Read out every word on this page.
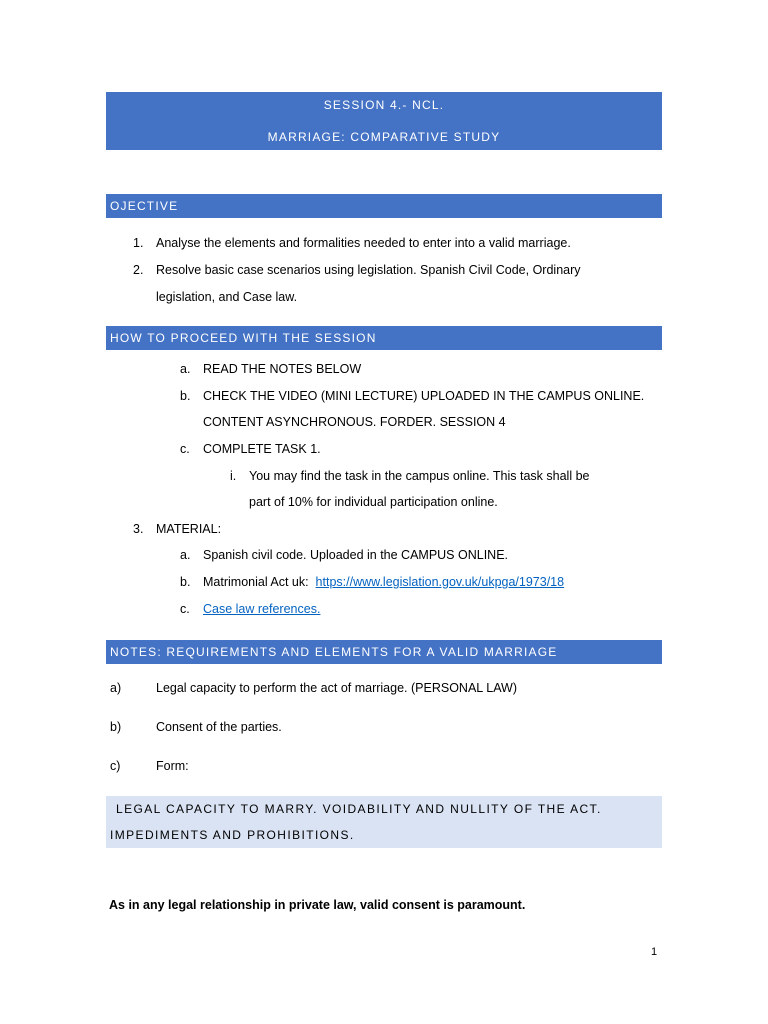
SESSION 4.- NCL.
MARRIAGE: COMPARATIVE STUDY
OJECTIVE
1. Analyse the elements and formalities needed to enter into a valid marriage.
2. Resolve basic case scenarios using legislation. Spanish Civil Code, Ordinary
legislation, and Case law.
HOW TO PROCEED WITH THE SESSION
a. READ THE NOTES BELOW
b. CHECK THE VIDEO (MINI LECTURE) UPLOADED IN THE CAMPUS ONLINE.
CONTENT ASYNCHRONOUS. FORDER. SESSION 4
c. COMPLETE TASK 1.
i. You may find the task in the campus online. This task shall be
part of 10% for individual participation online.
3. MATERIAL:
a. Spanish civil code. Uploaded in the CAMPUS ONLINE.
b. Matrimonial Act uk:  https://www.legislation.gov.uk/ukpga/1973/18
c. Case law references.
NOTES: REQUIREMENTS AND ELEMENTS FOR A VALID MARRIAGE
a)	Legal capacity to perform the act of marriage. (PERSONAL LAW)
b)	Consent of the parties.
c)	Form:
LEGAL CAPACITY TO MARRY. VOIDABILITY AND NULLITY OF THE ACT.
IMPEDIMENTS AND PROHIBITIONS.
As in any legal relationship in private law, valid consent is paramount.
1
